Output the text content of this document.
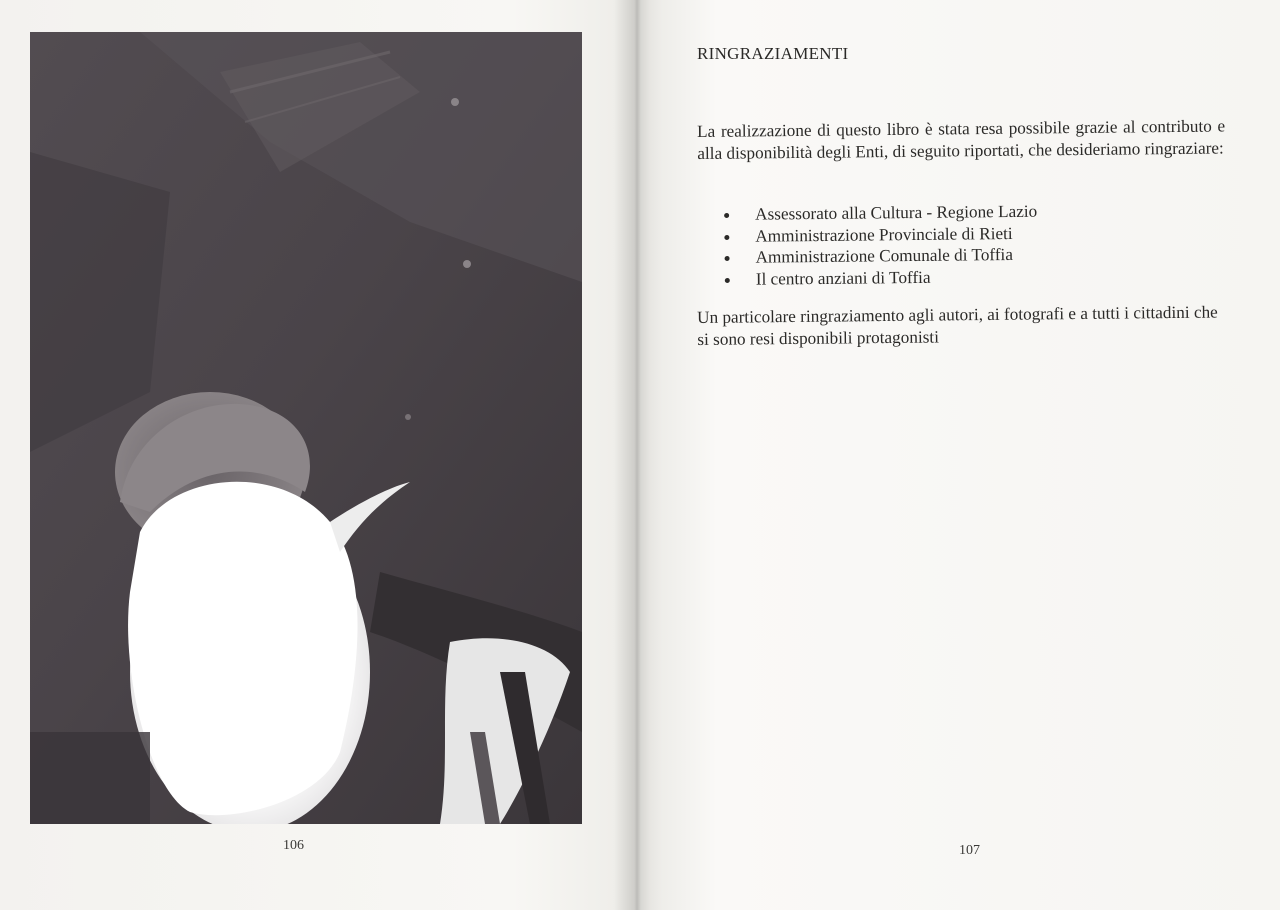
106
RINGRAZIAMENTI

La realizzazione di questo libro è stata resa possibile grazie al contributo e alla disponibilità degli Enti, di seguito riportati, che desideriamo ringraziare:

Assessorato alla Cultura - Regione Lazio
Amministrazione Provinciale di Rieti
Amministrazione Comunale di Toffia
Il centro anziani di Toffia

Un particolare ringraziamento agli autori, ai fotografi e a tutti i cittadini che si sono resi disponibili protagonisti

107
